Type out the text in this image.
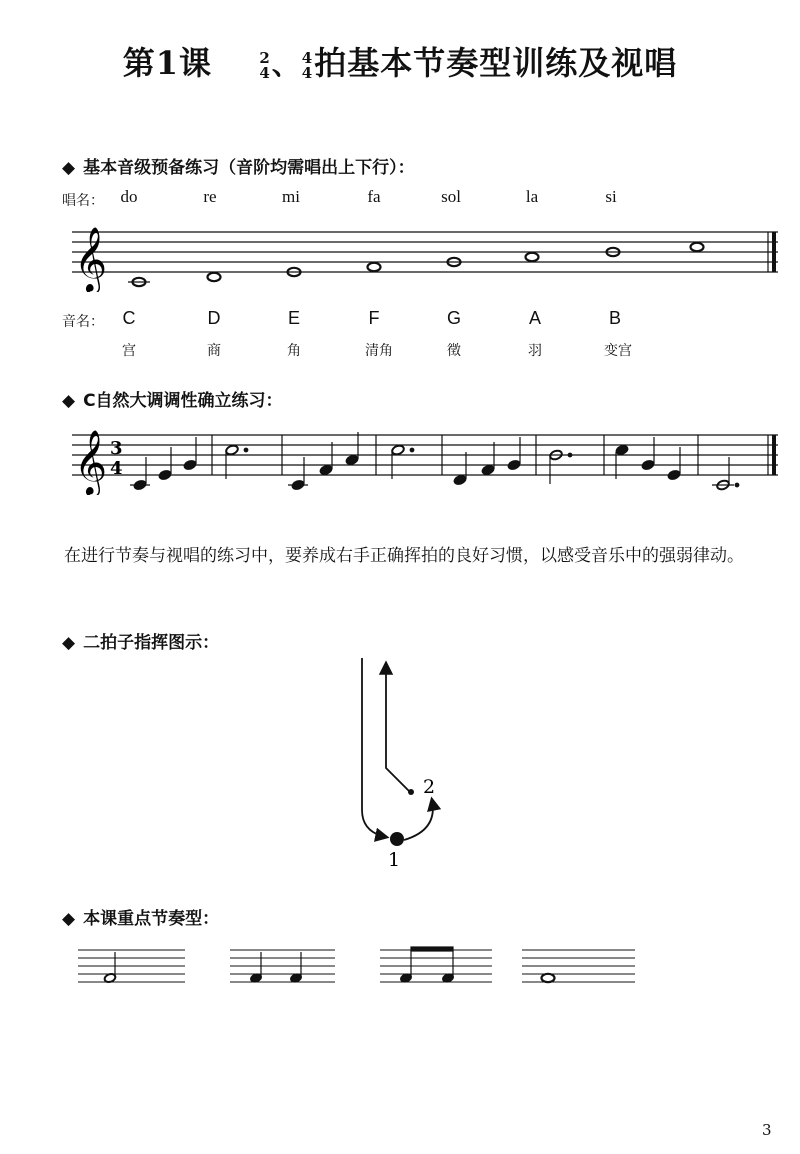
第1课	2
4 、 4
4 拍基本节奏型训练及视唱
◆ 基本音级预备练习（音阶均需唱出上下行）：
唱名： do	re	mi	fa	sol	la	si
𝄞
音名：	C	D	E	F	G	A	B
宫	商	角	清角	徵	羽	变宫
◆ C自然大调调性确立练习：
𝄞 3
4
在进行节奏与视唱的练习中，要养成右手正确挥拍的良好习惯，以感受音乐中的强弱律动。
◆ 二拍子指挥图示：
1
2
◆ 本课重点节奏型：
3
